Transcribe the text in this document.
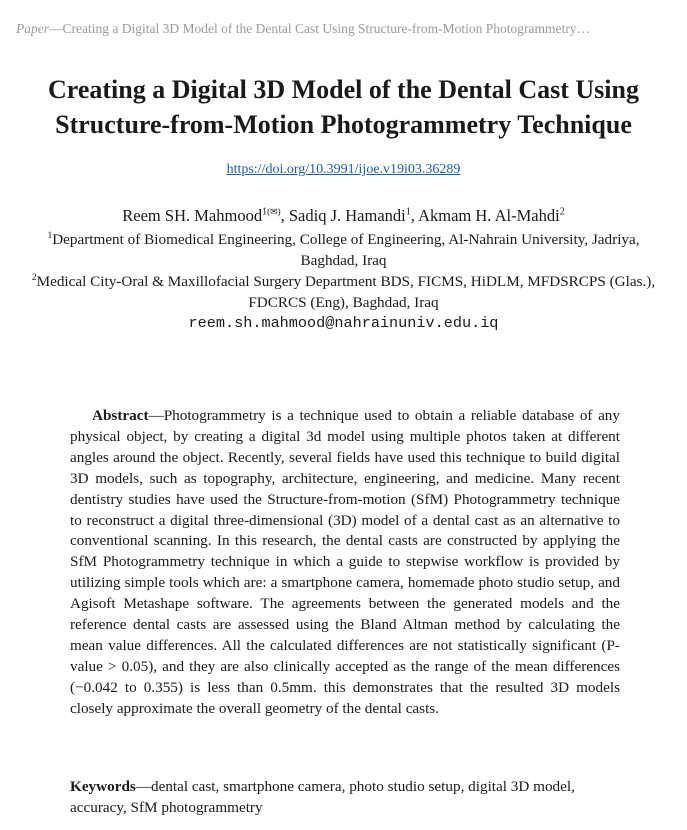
Paper—Creating a Digital 3D Model of the Dental Cast Using Structure-from-Motion Photogrammetry…
Creating a Digital 3D Model of the Dental Cast Using
Structure-from-Motion Photogrammetry Technique
https://doi.org/10.3991/ijoe.v19i03.36289
Reem SH. Mahmood$^{1(✉)}$, Sadiq J. Hamandi$^1$, Akmam H. Al-Mahdi$^2$
$^1$Department of Biomedical Engineering, College of Engineering, Al-Nahrain University, Jadriya, Baghdad, Iraq
$^2$Medical City-Oral & Maxillofacial Surgery Department BDS, FICMS, HiDLM, MFDSRCPS (Glas.), FDCRCS (Eng), Baghdad, Iraq
reem.sh.mahmood@nahrainuniv.edu.iq
Abstract—Photogrammetry is a technique used to obtain a reliable database of any physical object, by creating a digital 3d model using multiple photos taken at different angles around the object. Recently, several fields have used this technique to build digital 3D models, such as topography, architecture, engineering, and medicine. Many recent dentistry studies have used the Structure-from-motion (SfM) Photogrammetry technique to reconstruct a digital three-dimensional (3D) model of a dental cast as an alternative to conventional scanning. In this research, the dental casts are constructed by applying the SfM Photogrammetry technique in which a guide to stepwise workflow is provided by utilizing simple tools which are: a smartphone camera, homemade photo studio setup, and Agisoft Metashape software. The agreements between the generated models and the reference dental casts are assessed using the Bland Altman method by calculating the mean value differences. All the calculated differences are not statistically significant (P-value > 0.05), and they are also clinically accepted as the range of the mean differences (−0.042 to 0.355) is less than 0.5mm. this demonstrates that the resulted 3D models closely approximate the overall geometry of the dental casts.
Keywords—dental cast, smartphone camera, photo studio setup, digital 3D model, accuracy, SfM photogrammetry
